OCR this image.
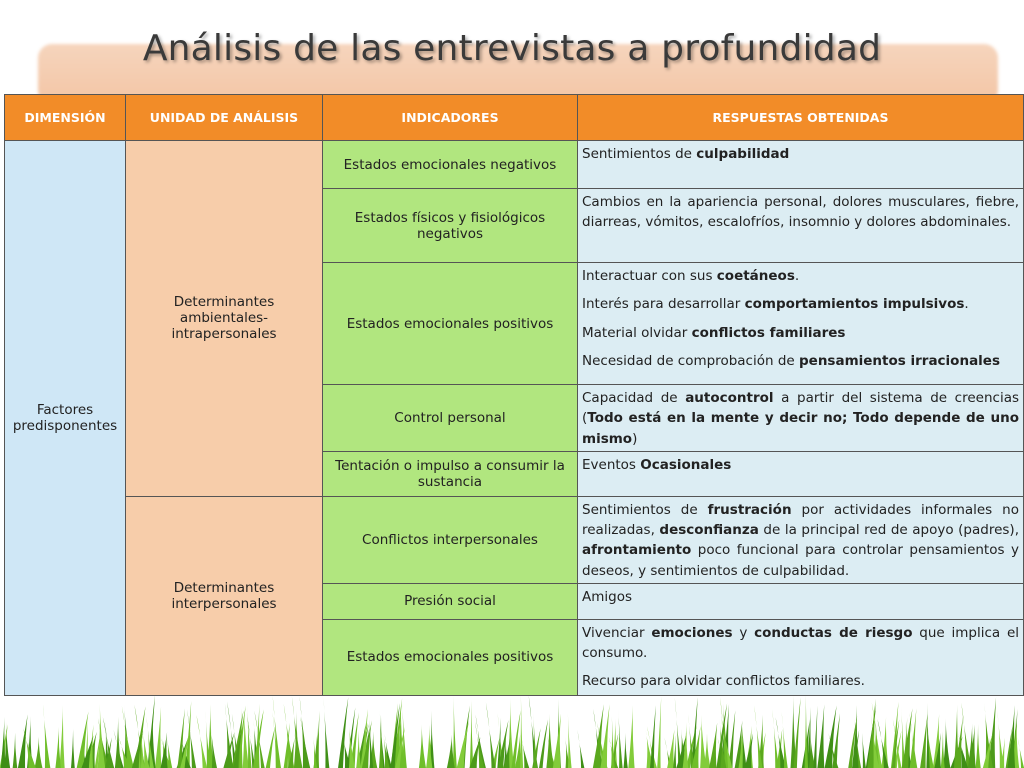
Análisis de las entrevistas a profundidad
DIMENSIÓN	UNIDAD DE ANÁLISIS	INDICADORES	RESPUESTAS OBTENIDAS
Factores predisponentes	Determinantes ambientales-intrapersonales	Estados emocionales negativos	Sentimientos de culpabilidad

		Estados físicos y fisiológicos negativos	Cambios en la apariencia personal, dolores musculares, fiebre, diarreas, vómitos, escalofríos, insomnio y dolores abdominales.

		Estados emocionales positivos	Interactuar con sus coetáneos.

Interés para desarrollar comportamientos impulsivos.

Material olvidar conflictos familiares

Necesidad de comprobación de pensamientos irracionales

		Control personal	Capacidad de autocontrol a partir del sistema de creencias (Todo está en la mente y decir no; Todo depende de uno mismo)

		Tentación o impulso a consumir la sustancia	Eventos Ocasionales

	Determinantes interpersonales	Conflictos interpersonales	Sentimientos de frustración por actividades informales no realizadas, desconfianza de la principal red de apoyo (padres), afrontamiento poco funcional para controlar pensamientos y deseos, y sentimientos de culpabilidad.

		Presión social	Amigos

		Estados emocionales positivos	Vivenciar emociones y conductas de riesgo que implica el consumo.

Recurso para olvidar conflictos familiares.
